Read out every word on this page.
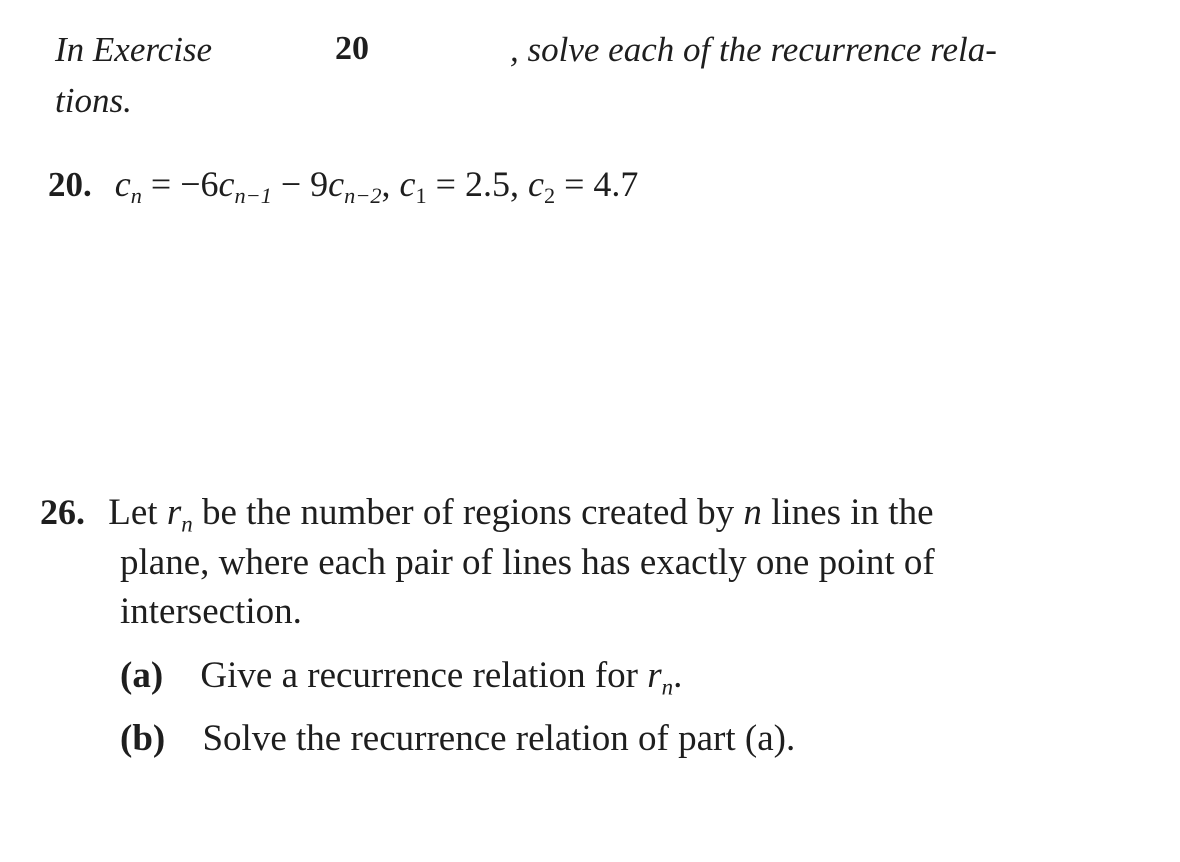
In Exercise	20	, solve each of the recurrence rela-
tions.
20. $c_n = -6c_{n-1} - 9c_{n-2}$, $c_1 = 2.5$, $c_2 = 4.7$
26. Let $r_n$ be the number of regions created by n lines in the
plane, where each pair of lines has exactly one point of
intersection.
(a) Give a recurrence relation for $r_n$.
(b) Solve the recurrence relation of part (a).
